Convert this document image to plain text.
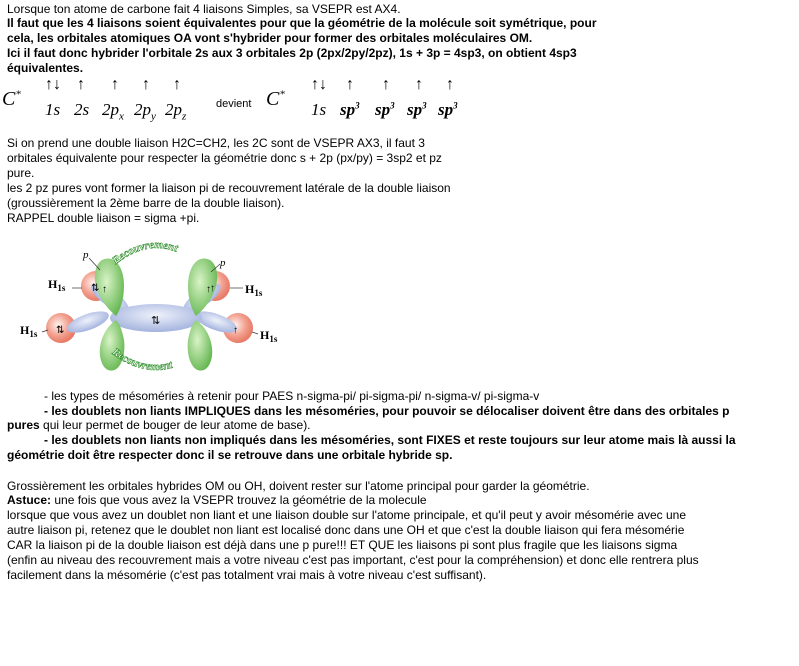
Lorsque ton atome de carbone fait 4 liaisons Simples, sa VSEPR est AX4.
Il faut que les 4 liaisons soient équivalentes pour que la géométrie de la molécule soit symétrique, pour
cela, les orbitales atomiques OA vont s'hybrider pour former des orbitales moléculaires OM.
Ici il faut donc hybrider l'orbitale 2s aux 3 orbitales 2p (2px/2py/2pz), 1s + 3p = 4sp3, on obtient 4sp3
équivalentes.
C*
↑↓ ↑ ↑ ↑ ↑
1s 2s $2p_x$ $2p_y$ $2p_z$
devient C*
↑↓ ↑ ↑ ↑ ↑
1s $sp^3$ $sp^3$ $sp^3$ $sp^3$
Si on prend une double liaison H2C=CH2, les 2C sont de VSEPR AX3, il faut 3
orbitales équivalente pour respecter la géométrie donc s + 2p (px/py) = 3sp2 et pz
pure.
les 2 pz pures vont former la liaison pi de recouvrement latérale de la double liaison
(groussièrement la 2ème barre de la double liaison).
RAPPEL double liaison = sigma +pi.
⇅
↑	↑
⇅	↑
⇅	↑
Recouvrement
Recouvrement
p
p
$H_{1s}$
$H_{1s}$
$H_{1s}$
$H_{1s}$
- les types de mésoméries à retenir pour PAES n-sigma-pi/ pi-sigma-pi/ n-sigma-v/ pi-sigma-v
- les doublets non liants IMPLIQUES dans les mésoméries, pour pouvoir se délocaliser doivent être dans des orbitales p
pures qui leur permet de bouger de leur atome de base).
- les doublets non liants non impliqués dans les mésoméries, sont FIXES et reste toujours sur leur atome mais là aussi la
géométrie doit être respecter donc il se retrouve dans une orbitale hybride sp.
Grossièrement les orbitales hybrides OM ou OH, doivent rester sur l'atome principal pour garder la géométrie.
Astuce: une fois que vous avez la VSEPR trouvez la géométrie de la molecule
lorsque que vous avez un doublet non liant et une liaison double sur l'atome principale, et qu'il peut y avoir mésomérie avec une
autre liaison pi, retenez que le doublet non liant est localisé donc dans une OH et que c'est la double liaison qui fera mésomérie
CAR la liaison pi de la double liaison est déjà dans une p pure!!! ET QUE les liaisons pi sont plus fragile que les liaisons sigma
(enfin au niveau des recouvrement mais a votre niveau c'est pas important, c'est pour la compréhension) et donc elle rentrera plus
facilement dans la mésomérie (c'est pas totalment vrai mais à votre niveau c'est suffisant).
